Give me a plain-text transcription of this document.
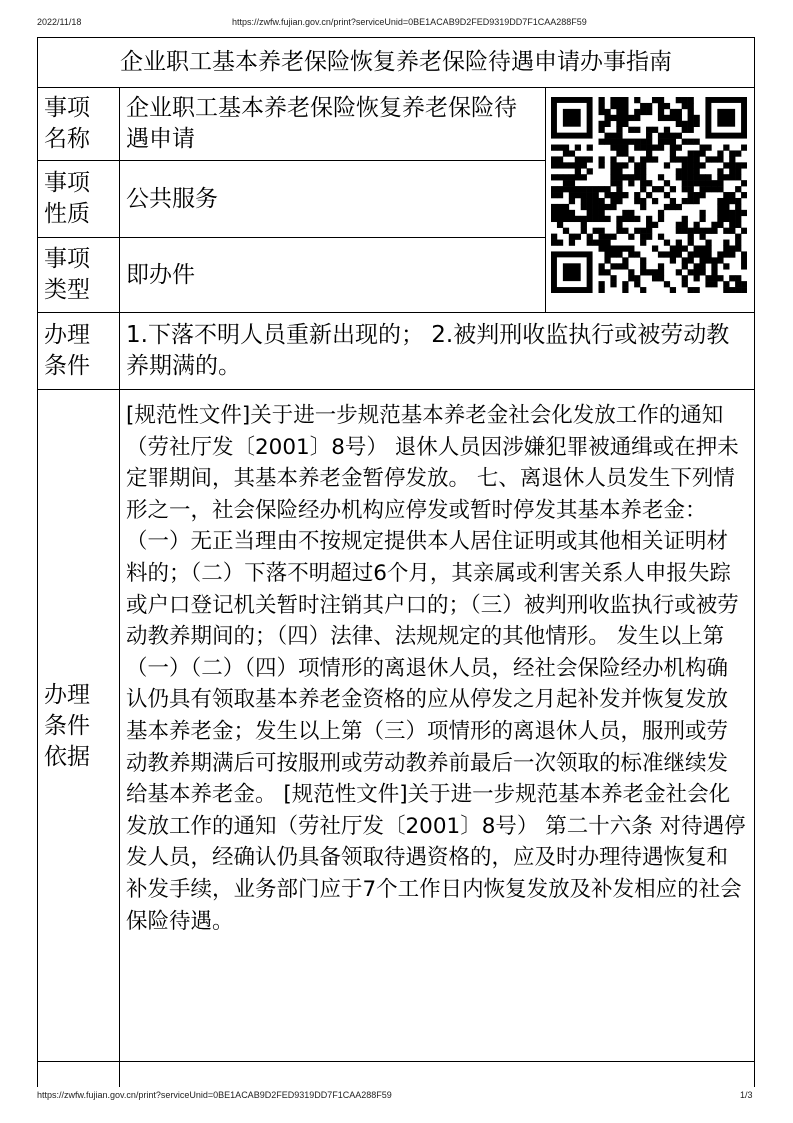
2022/11/18	https://zwfw.fujian.gov.cn/print?serviceUnid=0BE1ACAB9D2FED9319DD7F1CAA288F59
企业职工基本养老保险恢复养老保险待遇申请办事指南
事项名称
企业职工基本养老保险恢复养老保险待遇申请
事项性质
公共服务
事项类型
即办件
办理条件
1.下落不明人员重新出现的； 2.被判刑收监执行或被劳动教养期满的。
办理条件依据
[规范性文件]关于进一步规范基本养老金社会化发放工作的通知（劳社厅发〔2001〕8号） 退休人员因涉嫌犯罪被通缉或在押未定罪期间，其基本养老金暂停发放。 七、离退休人员发生下列情形之一，社会保险经办机构应停发或暂时停发其基本养老金：（一）无正当理由不按规定提供本人居住证明或其他相关证明材料的；（二）下落不明超过6个月，其亲属或利害关系人申报失踪或户口登记机关暂时注销其户口的；（三）被判刑收监执行或被劳动教养期间的；（四）法律、法规规定的其他情形。 发生以上第（一）（二）（四）项情形的离退休人员，经社会保险经办机构确认仍具有领取基本养老金资格的应从停发之月起补发并恢复发放基本养老金；发生以上第（三）项情形的离退休人员，服刑或劳动教养期满后可按服刑或劳动教养前最后一次领取的标准继续发给基本养老金。 [规范性文件]关于进一步规范基本养老金社会化发放工作的通知（劳社厅发〔2001〕8号） 第二十六条 对待遇停发人员，经确认仍具备领取待遇资格的，应及时办理待遇恢复和补发手续，业务部门应于7个工作日内恢复发放及补发相应的社会保险待遇。
https://zwfw.fujian.gov.cn/print?serviceUnid=0BE1ACAB9D2FED9319DD7F1CAA288F59	1/3
